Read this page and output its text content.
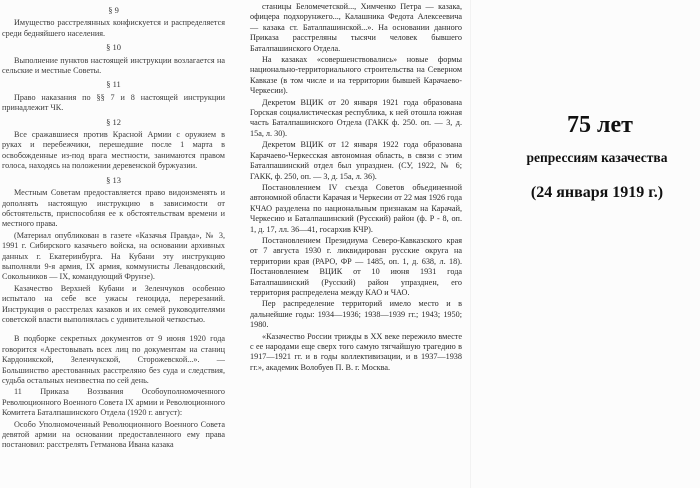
§ 9

Имущество расстрелянных конфискуется и распределяется среди бедняйшего населения.

§ 10

Выполнение пунктов настоящей инструкции возлагается на сельские и местные Советы.

§ 11

Право наказания по §§ 7 и 8 настоящей инструкции принадлежит ЧК.

§ 12

Все сражавшиеся против Красной Армии с оружием в руках и перебежчики, перешедшие после 1 марта в освобожденные из-под врага местности, занимаются правом голоса, находясь на положении деревенской буржуазии.

§ 13

Местным Советам предоставляется право видоизменять и дополнять настоящую инструкцию в зависимости от обстоятельств, приспособляя ее к обстоятельствам времени и местного права.

(Материал опубликован в газете «Казачья Правда», № 3, 1991 г. Сибирского казачьего войска, на основании архивных данных г. Екатеринбурга. На Кубани эту инструкцию выполняли 9-я армия, IX армия, коммунисты Левандовский, Сокольников — IX, командующий Фрунзе).

Казачество Верхней Кубани и Зеленчуков особенно испытало на себе все ужасы геноцида, перерезаний. Инструкция о расстрелах казаков и их семей руководителями советской власти выполнялась с удивительной четкостью.

В подборке секретных документов от 9 июня 1920 года говорится «Арестовывать всех лиц по документам на станиц Кардоникской, Зеленчукской, Сторожевской...». — Большинство арестованных расстреляно без суда и следствия, судьба остальных неизвестна по сей день.

11 Приказа Воззвания Особоуполномоченного Революционного Военного Совета IX армии и Революционного Комитета Баталпашинского Отдела (1920 г. август):

Особо Уполномоченный Революционного Военного Совета девятой армии на основании предоставленного ему права постановил: расстрелять Гетманова Ивана казака

станицы Беломечетской..., Химченко Петра — казака, офицера подхорунжего..., Калашника Федота Алексеевича — казака ст. Баталпашинской...». На основании данного Приказа расстреляны тысячи человек бывшего Баталпашинского Отдела.

На казаках «совершенствовались» новые формы национально-территориального строительства на Северном Кавказе (в том числе и на территории бывшей Карачаево-Черкесии).

Декретом ВЦИК от 20 января 1921 года образована Горская социалистическая республика, к ней отошла южная часть Баталпашинского Отдела (ГАКК ф. 250. оп. — 3, д. 15а, л. 30).

Декретом ВЦИК от 12 января 1922 года образована Карачаево-Черкесская автономная область, в связи с этим Баталпашинский отдел был упразднен. (СУ, 1922, № 6; ГАКК, ф. 250, оп. — 3, д. 15а, л. 36).

Постановлением IV съезда Советов объединенной автономной области Карачая и Черкесии от 22 мая 1926 года КЧАО разделена по национальным признакам на Карачай, Черкесию и Баталпашинский (Русский) район (ф. Р - 8, оп. 1, д. 17, лл. 36—41, госархив КЧР).

Постановлением Президиума Северо-Кавказского края от 7 августа 1930 г. ликвидирован русские округа на территории края (РАРО, ФР — 1485, оп. 1, д. 638, л. 18). Постановлением ВЦИК от 10 июня 1931 года Баталпашинский (Русский) район упразднен, его территория распределена между КАО и ЧАО.

Пер распределение территорий имело место и в дальнейшие годы: 1934—1936; 1938—1939 гг.; 1943; 1950; 1980.

«Казачество России трижды в XX веке пережило вместе с ее народами еще сверх того самую тягчайшую трагедию в 1917—1921 гг. и в годы коллективизации, и в 1937—1938 гг.», академик Волобуев П. В. г. Москва.

75 лет
репрессиям казачества
(24 января 1919 г.)
